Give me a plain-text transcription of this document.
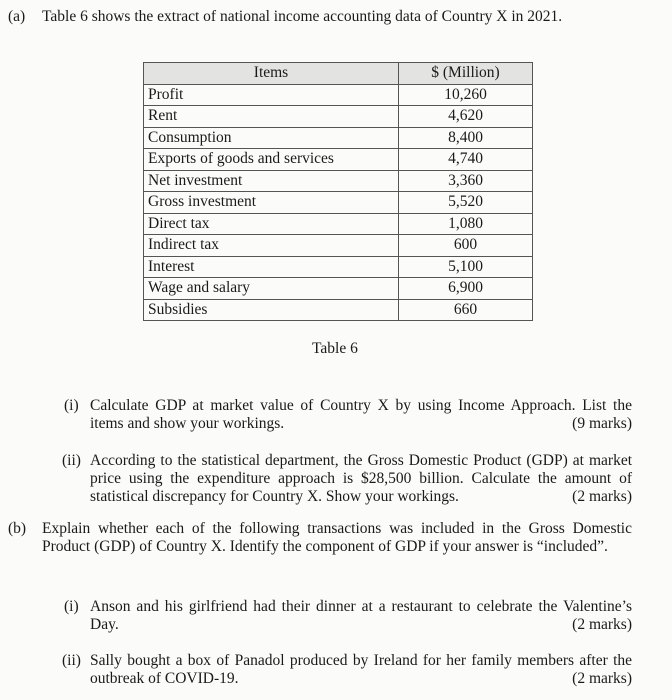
(a) Table 6 shows the extract of national income accounting data of Country X in 2021.
Items	$ (Million)
Profit	10,260
Rent	4,620
Consumption	8,400
Exports of goods and services	4,740
Net investment	3,360
Gross investment	5,520
Direct tax	1,080
Indirect tax	600
Interest	5,100
Wage and salary	6,900
Subsidies	660
Table 6
(i) Calculate GDP at market value of Country X by using Income Approach. List the items and show your workings.	(9 marks)
(ii) According to the statistical department, the Gross Domestic Product (GDP) at market price using the expenditure approach is $28,500 billion. Calculate the amount of statistical discrepancy for Country X. Show your workings.	(2 marks)
(b) Explain whether each of the following transactions was included in the Gross Domestic Product (GDP) of Country X. Identify the component of GDP if your answer is “included”.
(i) Anson and his girlfriend had their dinner at a restaurant to celebrate the Valentine’s Day.	(2 marks)
(ii) Sally bought a box of Panadol produced by Ireland for her family members after the outbreak of COVID-19.	(2 marks)
